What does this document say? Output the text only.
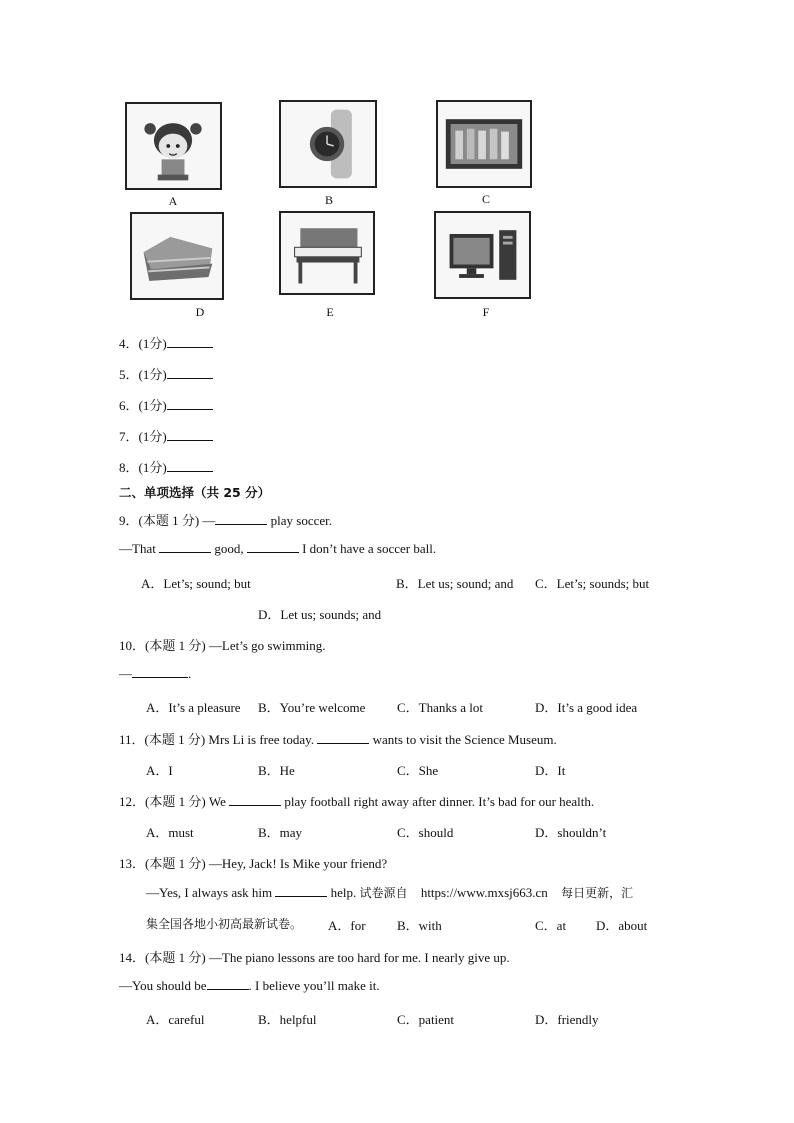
A	B	C
D	E	F
4．(1分)
5．(1分)
6．(1分)
7．(1分)
8．(1分)
二、单项选择（共 25 分）
9．(本题 1 分) —	play soccer.
—That	good,	I don’t have a soccer ball.
A．Let’s; sound; but	B．Let us; sound; and C．Let’s; sounds; but
D．Let us; sounds; and
10．(本题 1 分) —Let’s go swimming.
—	.
A．It’s a pleasure B．You’re welcome C．Thanks a lot	D．It’s a good idea
11．(本题 1 分) Mrs Li is free today.	wants to visit the Science Museum.
A．I	B．He	C．She	D．It
12．(本题 1 分) We	play football right away after dinner. It’s bad for our health.
A．must	B．may	C．should	D．shouldn’t
13．(本题 1 分) —Hey, Jack! Is Mike your friend?
—Yes, I always ask him	help. 试卷源自 https://www.mxsj663.cn 每日更新，汇
集全国各地小初高最新试卷。 A．for B．with	C．at D．about
14．(本题 1 分) —The piano lessons are too hard for me. I nearly give up.
—You should be	. I believe you’ll make it.
A．careful	B．helpful	C．patient	D．friendly
